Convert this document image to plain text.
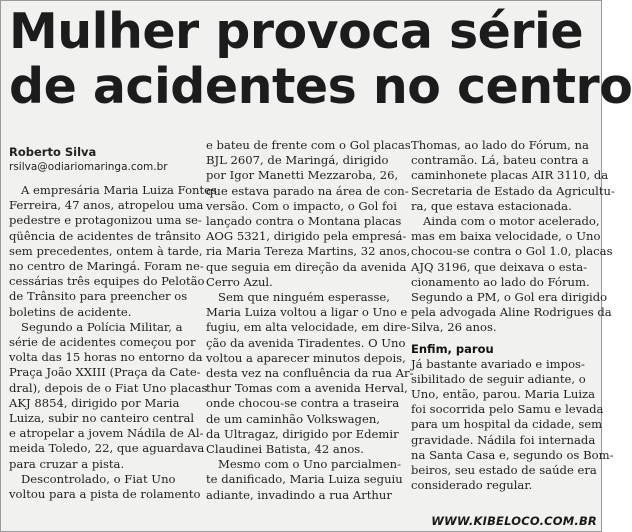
Mulher provoca série
de acidentes no centro
Roberto Silva
rsilva@odiariomaringa.com.br
A empresária Maria Luiza Fontes
Ferreira, 47 anos, atropelou uma
pedestre e protagonizou uma se-
qüência de acidentes de trânsito
sem precedentes, ontem à tarde,
no centro de Maringá. Foram ne-
cessárias três equipes do Pelotão
de Trânsito para preencher os
boletins de acidente.
Segundo a Polícia Militar, a
série de acidentes começou por
volta das 15 horas no entorno da
Praça João XXIII (Praça da Cate-
dral), depois de o Fiat Uno placas
AKJ 8854, dirigido por Maria
Luiza, subir no canteiro central
e atropelar a jovem Nádila de Al-
meida Toledo, 22, que aguardava
para cruzar a pista.
Descontrolado, o Fiat Uno
voltou para a pista de rolamento
e bateu de frente com o Gol placas
BJL 2607, de Maringá, dirigido
por Igor Manetti Mezzaroba, 26,
que estava parado na área de con-
versão. Com o impacto, o Gol foi
lançado contra o Montana placas
AOG 5321, dirigido pela empresá-
ria Maria Tereza Martins, 32 anos,
que seguia em direção da avenida
Cerro Azul.
Sem que ninguém esperasse,
Maria Luiza voltou a ligar o Uno e
fugiu, em alta velocidade, em dire-
ção da avenida Tiradentes. O Uno
voltou a aparecer minutos depois,
desta vez na confluência da rua Ar-
thur Tomas com a avenida Herval,
onde chocou-se contra a traseira
de um caminhão Volkswagen,
da Ultragaz, dirigido por Edemir
Claudinei Batista, 42 anos.
Mesmo com o Uno parcialmen-
te danificado, Maria Luiza seguiu
adiante, invadindo a rua Arthur
Thomas, ao lado do Fórum, na
contramão. Lá, bateu contra a
caminhonete placas AIR 3110, da
Secretaria de Estado da Agricultu-
ra, que estava estacionada.
Ainda com o motor acelerado,
mas em baixa velocidade, o Uno
chocou-se contra o Gol 1.0, placas
AJQ 3196, que deixava o esta-
cionamento ao lado do Fórum.
Segundo a PM, o Gol era dirigido
pela advogada Aline Rodrigues da
Silva, 26 anos.
Enfim, parou
Já bastante avariado e impos-
sibilitado de seguir adiante, o
Uno, então, parou. Maria Luiza
foi socorrida pelo Samu e levada
para um hospital da cidade, sem
gravidade. Nádila foi internada
na Santa Casa e, segundo os Bom-
beiros, seu estado de saúde era
considerado regular.
WWW.KIBELOCO.COM.BR
